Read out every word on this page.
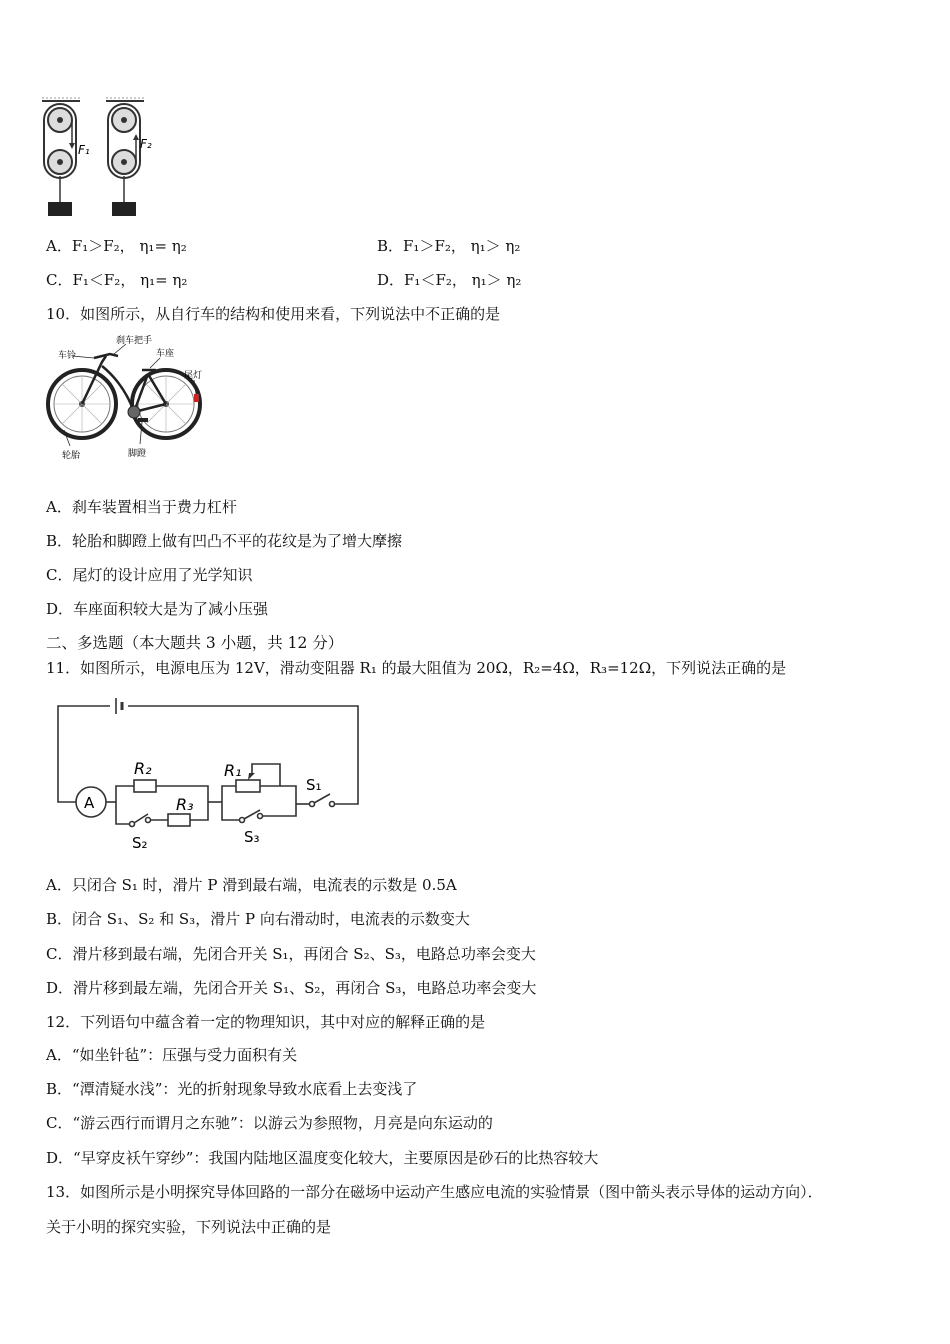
F₁	F₂
A．F₁＞F₂， η₁= η₂	B．F₁＞F₂， η₁＞ η₂
C．F₁＜F₂， η₁= η₂	D．F₁＜F₂， η₁＞ η₂
10．如图所示，从自行车的结构和使用来看，下列说法中不正确的是
车铃
刹车把手
车座
尾灯
轮胎	脚蹬
A．刹车装置相当于费力杠杆
B．轮胎和脚蹬上做有凹凸不平的花纹是为了增大摩擦
C．尾灯的设计应用了光学知识
D．车座面积较大是为了减小压强
二、多选题（本大题共 3 小题，共 12 分）
11．如图所示，电源电压为 12V，滑动变阻器 R₁ 的最大阻值为 20Ω，R₂=4Ω，R₃=12Ω，下列说法正确的是
A
R₂
R₃
R₁
S₁
S₂	S₃
A．只闭合 S₁ 时，滑片 P 滑到最右端，电流表的示数是 0.5A
B．闭合 S₁、S₂ 和 S₃，滑片 P 向右滑动时，电流表的示数变大
C．滑片移到最右端，先闭合开关 S₁，再闭合 S₂、S₃，电路总功率会变大
D．滑片移到最左端，先闭合开关 S₁、S₂，再闭合 S₃，电路总功率会变大
12．下列语句中蕴含着一定的物理知识，其中对应的解释正确的是
A．“如坐针毡”：压强与受力面积有关
B．“潭清疑水浅”：光的折射现象导致水底看上去变浅了
C．“游云西行而谓月之东驰”：以游云为参照物，月亮是向东运动的
D．“早穿皮袄午穿纱”：我国内陆地区温度变化较大，主要原因是砂石的比热容较大
13．如图所示是小明探究导体回路的一部分在磁场中运动产生感应电流的实验情景（图中箭头表示导体的运动方向）．
关于小明的探究实验，下列说法中正确的是
